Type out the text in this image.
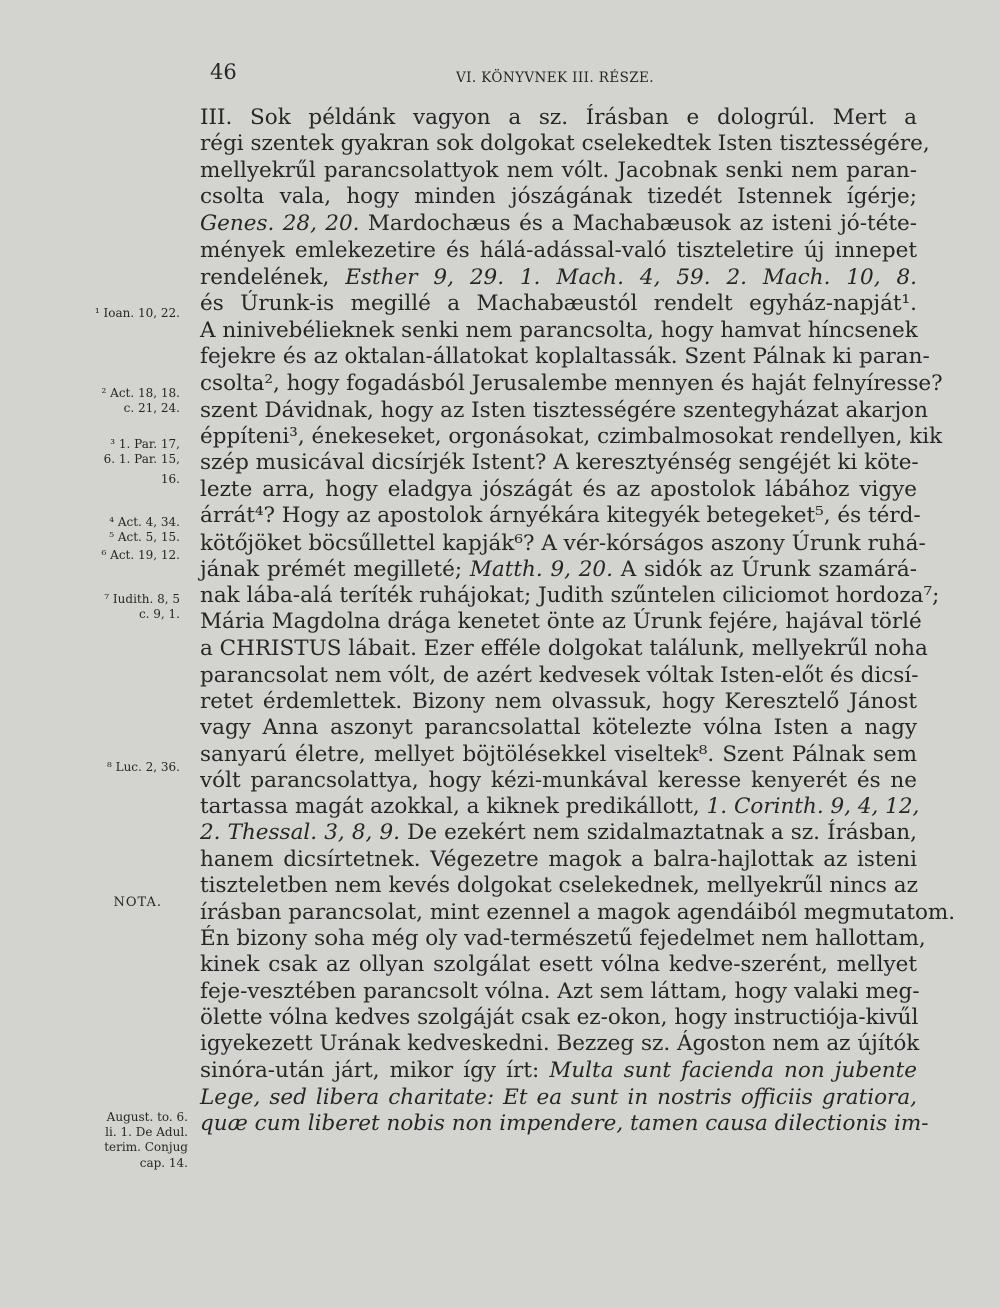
46	VI. KÖNYVNEK III. RÉSZE.
III. Sok példánk vagyon a sz. Írásban e dologrúl. Mert a
régi szentek gyakran sok dolgokat cselekedtek Isten tisztességére,
mellyekrűl parancsolattyok nem vólt. Jacobnak senki nem paran-
csolta vala, hogy minden jószágának tizedét Istennek ígérje;
Genes. 28, 20. Mardochæus és a Machabæusok az isteni jó-téte-
mények emlekezetire és hálá-adással-való tiszteletire új innepet
rendelének, Esther 9, 29. 1. Mach. 4, 59. 2. Mach. 10, 8.
és Úrunk-is megillé a Machabæustól rendelt egyház-napját¹.
A ninivebélieknek senki nem parancsolta, hogy hamvat híncsenek
fejekre és az oktalan-állatokat koplaltassák. Szent Pálnak ki paran-
csolta², hogy fogadásból Jerusalembe mennyen és haját felnyíresse?
szent Dávidnak, hogy az Isten tisztességére szentegyházat akarjon
éppíteni³, énekeseket, orgonásokat, czimbalmosokat rendellyen, kik
szép musicával dicsírjék Istent? A keresztyénség sengéjét ki köte-
lezte arra, hogy eladgya jószágát és az apostolok lábához vigye
árrát⁴? Hogy az apostolok árnyékára kitegyék betegeket⁵, és térd-
kötőjöket böcsűllettel kapják⁶? A vér-kórságos aszony Úrunk ruhá-
jának prémét megilleté; Matth. 9, 20. A sidók az Úrunk szamárá-
nak lába-alá teríték ruhájokat; Judith szűntelen ciliciomot hordoza⁷;
Mária Magdolna drága kenetet önte az Úrunk fejére, hajával törlé
a CHRISTUS lábait. Ezer efféle dolgokat találunk, mellyekrűl noha
parancsolat nem vólt, de azért kedvesek vóltak Isten-előt és dicsí-
retet érdemlettek. Bizony nem olvassuk, hogy Keresztelő Jánost
vagy Anna aszonyt parancsolattal kötelezte vólna Isten a nagy
sanyarú életre, mellyet böjtölésekkel viseltek⁸. Szent Pálnak sem
vólt parancsolattya, hogy kézi-munkával keresse kenyerét és ne
tartassa magát azokkal, a kiknek predikállott, 1. Corinth. 9, 4, 12,
2. Thessal. 3, 8, 9. De ezekért nem szidalmaztatnak a sz. Írásban,
hanem dicsírtetnek. Végezetre magok a balra-hajlottak az isteni
tiszteletben nem kevés dolgokat cselekednek, mellyekrűl nincs az
írásban parancsolat, mint ezennel a magok agendáiból megmutatom.
Én bizony soha még oly vad-természetű fejedelmet nem hallottam,
kinek csak az ollyan szolgálat esett vólna kedve-szerént, mellyet
feje-vesztében parancsolt vólna. Azt sem láttam, hogy valaki meg-
ölette vólna kedves szolgáját csak ez-okon, hogy instructiója-kivűl
igyekezett Urának kedveskedni. Bezzeg sz. Ágoston nem az újítók
sinóra-után járt, mikor így írt: Multa sunt facienda non jubente
Lege, sed libera charitate: Et ea sunt in nostris officiis gratiora,
quæ cum liberet nobis non impendere, tamen causa dilectionis im-
¹ Ioan. 10, 22.
² Act. 18, 18.
c. 21, 24.
³ 1. Par. 17,
6. 1. Par. 15,
16.
⁴ Act. 4, 34.
⁵ Act. 5, 15.
⁶ Act. 19, 12.
⁷ Iudith. 8, 5
c. 9, 1.
⁸ Luc. 2, 36.
NOTA.
August. to. 6.
li. 1. De Adul.
terim. Conjug
cap. 14.
